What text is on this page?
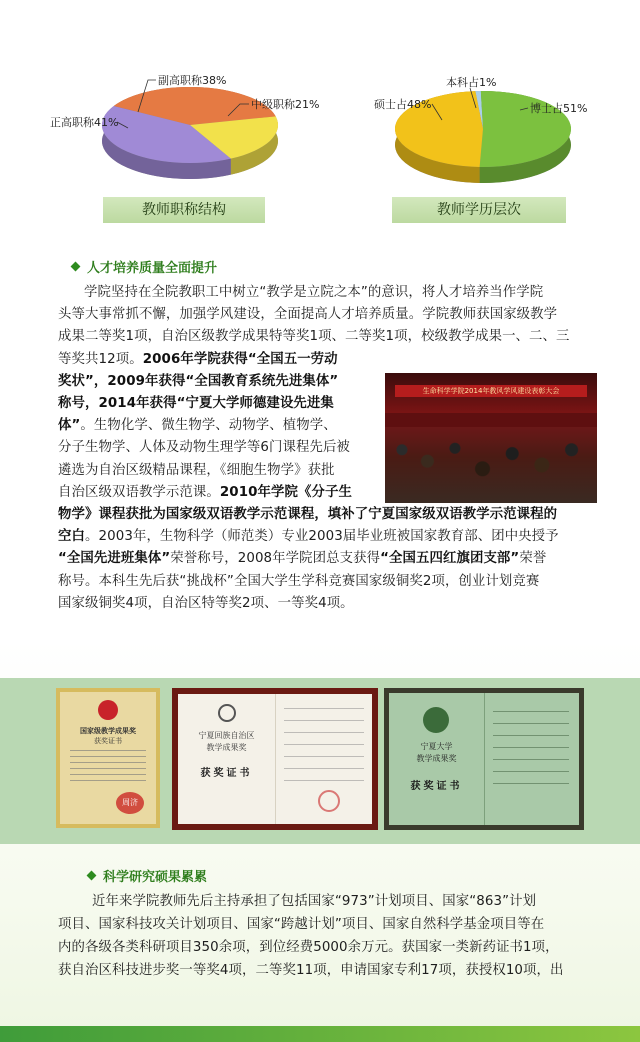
副高职称38%
中级职称21%
正高职称41%
教师职称结构
本科占1%
博士占51%
硕士占48%
教师学历层次
人才培养质量全面提升
学院坚持在全院教职工中树立“教学是立院之本”的意识，将人才培养当作学院
头等大事常抓不懈，加强学风建设，全面提高人才培养质量。学院教师获国家级教学
成果二等奖1项，自治区级教学成果特等奖1项、二等奖1项，校级教学成果一、二、三
等奖共12项。2006年学院获得“全国五一劳动
奖状”，2009年获得“全国教育系统先进集体”
称号，2014年获得“宁夏大学师德建设先进集
体”。生物化学、微生物学、动物学、植物学、
分子生物学、人体及动物生理学等6门课程先后被
遴选为自治区级精品课程，《细胞生物学》获批
自治区级双语教学示范课。2010年学院《分子生
物学》课程获批为国家级双语教学示范课程，填补了宁夏国家级双语教学示范课程的
空白。2003年，生物科学（师范类）专业2003届毕业班被国家教育部、团中央授予
“全国先进班集体”荣誉称号，2008年学院团总支获得“全国五四红旗团支部”荣誉
称号。本科生先后获“挑战杯”全国大学生学科竞赛国家级铜奖2项，创业计划竞赛
国家级铜奖4项，自治区特等奖2项、一等奖4项。
生命科学学院2014年教风学风建设表彰大会
国家级教学成果奖
获奖证书
周济
宁夏回族自治区
教学成果奖
获奖证书
宁夏大学
教学成果奖
获奖证书
科学研究硕果累累
近年来学院教师先后主持承担了包括国家“973”计划项目、国家“863”计划
项目、国家科技攻关计划项目、国家“跨越计划”项目、国家自然科学基金项目等在
内的各级各类科研项目350余项，到位经费5000余万元。获国家一类新药证书1项，
获自治区科技进步奖一等奖4项，二等奖11项，申请国家专利17项，获授权10项，出
